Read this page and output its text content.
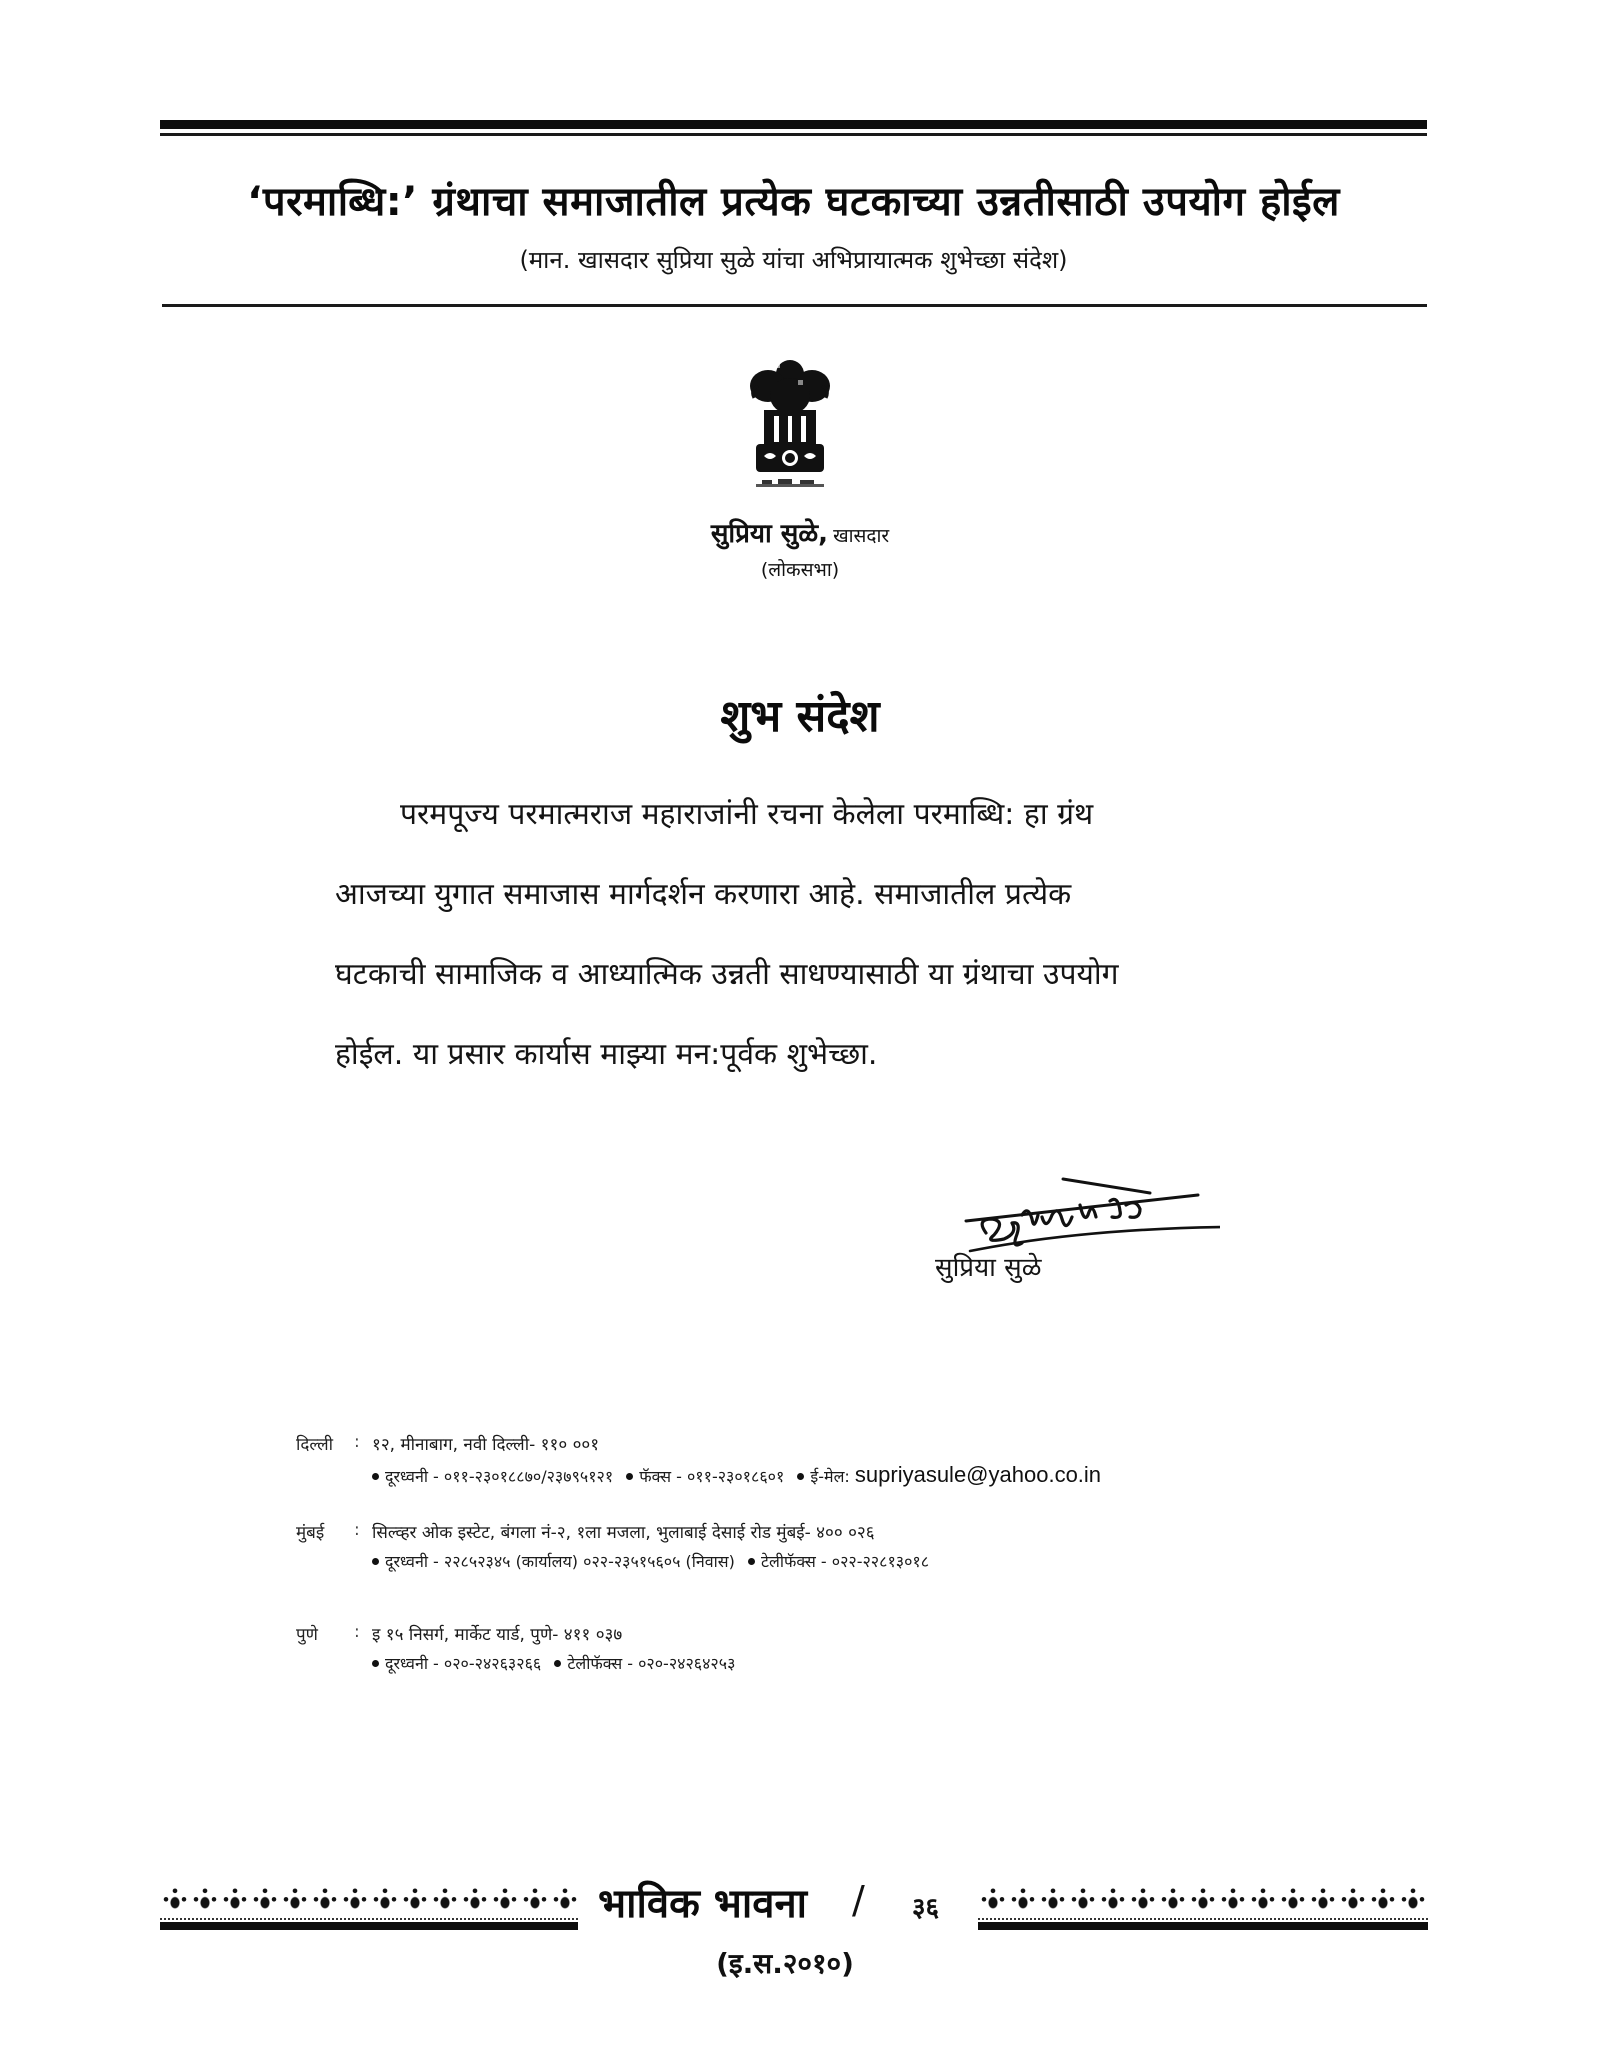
‘परमाब्धि:’ ग्रंथाचा समाजातील प्रत्येक घटकाच्या उन्नतीसाठी उपयोग होईल
(मान. खासदार सुप्रिया सुळे यांचा अभिप्रायात्मक शुभेच्छा संदेश)
सुप्रिया सुळे, खासदार
(लोकसभा)
शुभ संदेश
परमपूज्य परमात्मराज महाराजांनी रचना केलेला परमाब्धि: हा ग्रंथ
आजच्या युगात समाजास मार्गदर्शन करणारा आहे. समाजातील प्रत्येक
घटकाची सामाजिक व आध्यात्मिक उन्नती साधण्यासाठी या ग्रंथाचा उपयोग
होईल. या प्रसार कार्यास माझ्या मन:पूर्वक शुभेच्छा.
सुप्रिया सुळे
दिल्ली : १२, मीनाबाग, नवी दिल्ली- ११० ००१
दूरध्वनी - ०११-२३०१८८७०/२३७९५१२१ फॅक्स - ०११-२३०१८६०१ ई-मेल: supriyasule@yahoo.co.in
मुंबई : सिल्व्हर ओक इस्टेट, बंगला नं-२, १ला मजला, भुलाबाई देसाई रोड मुंबई- ४०० ०२६
दूरध्वनी - २२८५२३४५ (कार्यालय) ०२२-२३५१५६०५ (निवास) टेलीफॅक्स - ०२२-२२८१३०१८
पुणे : इ १५ निसर्ग, मार्केट यार्ड, पुणे- ४११ ०३७
दूरध्वनी - ०२०-२४२६३२६६ टेलीफॅक्स - ०२०-२४२६४२५३
भाविक भावना / ३६
(इ.स.२०१०)
